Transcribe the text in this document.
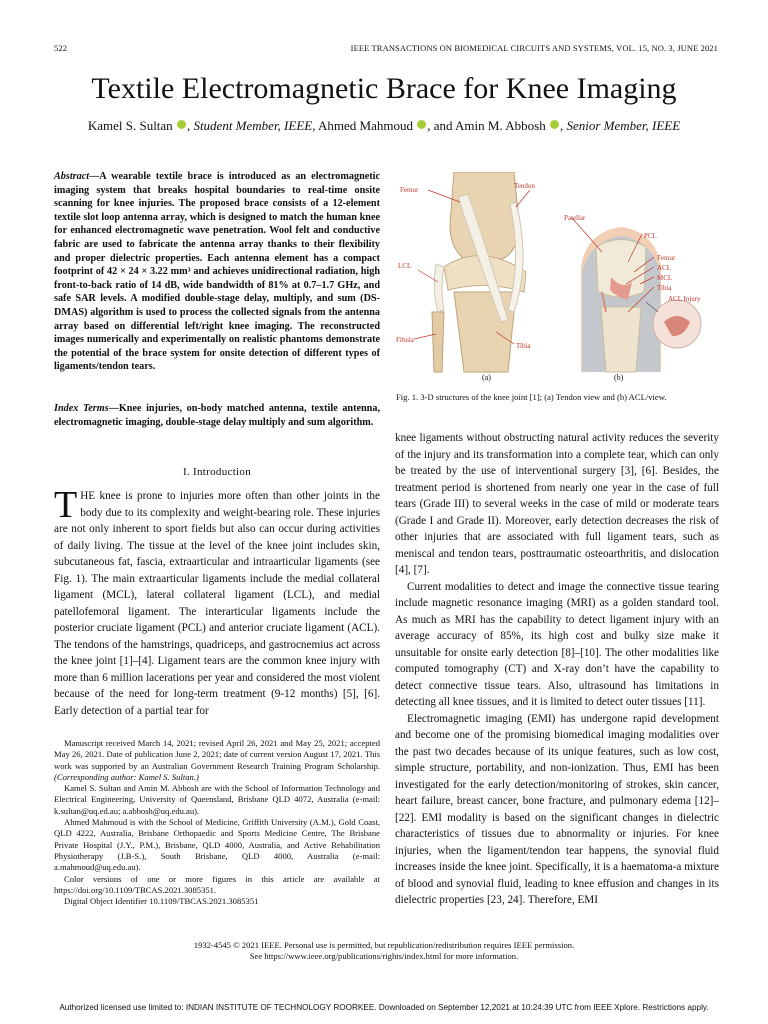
522	IEEE TRANSACTIONS ON BIOMEDICAL CIRCUITS AND SYSTEMS, VOL. 15, NO. 3, JUNE 2021
Textile Electromagnetic Brace for Knee Imaging
Kamel S. Sultan , Student Member, IEEE, Ahmed Mahmoud , and Amin M. Abbosh , Senior Member, IEEE
Abstract—A wearable textile brace is introduced as an electromagnetic imaging system that breaks hospital boundaries to real-time onsite scanning for knee injuries. The proposed brace consists of a 12-element textile slot loop antenna array, which is designed to match the human knee for enhanced electromagnetic wave penetration. Wool felt and conductive fabric are used to fabricate the antenna array thanks to their flexibility and proper dielectric properties. Each antenna element has a compact footprint of 42 × 24 × 3.22 mm³ and achieves unidirectional radiation, high front-to-back ratio of 14 dB, wide bandwidth of 81% at 0.7–1.7 GHz, and safe SAR levels. A modified double-stage delay, multiply, and sum (DS-DMAS) algorithm is used to process the collected signals from the antenna array based on differential left/right knee imaging. The reconstructed images numerically and experimentally on realistic phantoms demonstrate the potential of the brace system for onsite detection of different types of ligaments/tendon tears.
Index Terms—Knee injuries, on-body matched antenna, textile antenna, electromagnetic imaging, double-stage delay multiply and sum algorithm.
I. Introduction
THE knee is prone to injuries more often than other joints in the body due to its complexity and weight-bearing role. These injuries are not only inherent to sport fields but also can occur during activities of daily living. The tissue at the level of the knee joint includes skin, subcutaneous fat, fascia, extraarticular and intraarticular ligaments (see Fig. 1). The main extraarticular ligaments include the medial collateral ligament (MCL), lateral collateral ligament (LCL), and medial patellofemoral ligament. The interarticular ligaments include the posterior cruciate ligament (PCL) and anterior cruciate ligament (ACL). The tendons of the hamstrings, quadriceps, and gastrocnemius act across the knee joint [1]–[4]. Ligament tears are the common knee injury with more than 6 million lacerations per year and considered the most violent because of the need for long-term treatment (9-12 months) [5], [6]. Early detection of a partial tear for

Manuscript received March 14, 2021; revised April 26, 2021 and May 25, 2021; accepted May 26, 2021. Date of publication June 2, 2021; date of current version August 17, 2021. This work was supported by an Australian Government Research Training Program Scholarship. (Corresponding author: Kamel S. Sultan.)

Kamel S. Sultan and Amin M. Abbosh are with the School of Information Technology and Electrical Engineering, University of Queensland, Brisbane QLD 4072, Australia (e-mail: k.sultan@uq.ed.au; a.abbosh@uq.edu.au).

Ahmed Mahmoud is with the School of Medicine, Griffith University (A.M.), Gold Coast, QLD 4222, Australia, Brisbane Orthopaedic and Sports Medicine Centre, The Brisbane Private Hospital (J.Y., P.M.), Brisbane, QLD 4000, Australia, and Active Rehabilitation Physiotherapy (J.B-S.), South Brisbane, QLD 4000, Australia (e-mail: a.mahmoud@uq.edu.au).

Color versions of one or more figures in this article are available at https://doi.org/10.1109/TBCAS.2021.3085351.

Digital Object Identifier 10.1109/TBCAS.2021.3085351

Femur	Tendon
LCL
Fibula
Tibia
(a)
Patellar
PCL
Femur
ACL
MCL
Tibia
ACL Injury
(b)
Fig. 1. 3-D structures of the knee joint [1]; (a) Tendon view and (b) ACL/view.

knee ligaments without obstructing natural activity reduces the severity of the injury and its transformation into a complete tear, which can only be treated by the use of interventional surgery [3], [6]. Besides, the treatment period is shortened from nearly one year in the case of full tears (Grade III) to several weeks in the case of mild or moderate tears (Grade I and Grade II). Moreover, early detection decreases the risk of other injuries that are associated with full ligament tears, such as meniscal and tendon tears, posttraumatic osteoarthritis, and dislocation [4], [7].

Current modalities to detect and image the connective tissue tearing include magnetic resonance imaging (MRI) as a golden standard tool. As much as MRI has the capability to detect ligament injury with an average accuracy of 85%, its high cost and bulky size make it unsuitable for onsite early detection [8]–[10]. The other modalities like computed tomography (CT) and X-ray don’t have the capability to detect connective tissue tears. Also, ultrasound has limitations in detecting all knee tissues, and it is limited to detect outer tissues [11].

Electromagnetic imaging (EMI) has undergone rapid development and become one of the promising biomedical imaging modalities over the past two decades because of its unique features, such as low cost, simple structure, portability, and non-ionization. Thus, EMI has been investigated for the early detection/monitoring of strokes, skin cancer, heart failure, breast cancer, bone fracture, and pulmonary edema [12]–[22]. EMI modality is based on the significant changes in dielectric characteristics of tissues due to abnormality or injuries. For knee injuries, when the ligament/tendon tear happens, the synovial fluid increases inside the knee joint. Specifically, it is a haematoma-a mixture of blood and synovial fluid, leading to knee effusion and changes in its dielectric properties [23, 24]. Therefore, EMI

1932-4545 © 2021 IEEE. Personal use is permitted, but republication/redistribution requires IEEE permission.
See https://www.ieee.org/publications/rights/index.html for more information.
Authorized licensed use limited to: INDIAN INSTITUTE OF TECHNOLOGY ROORKEE. Downloaded on September 12,2021 at 10:24:39 UTC from IEEE Xplore. Restrictions apply.
